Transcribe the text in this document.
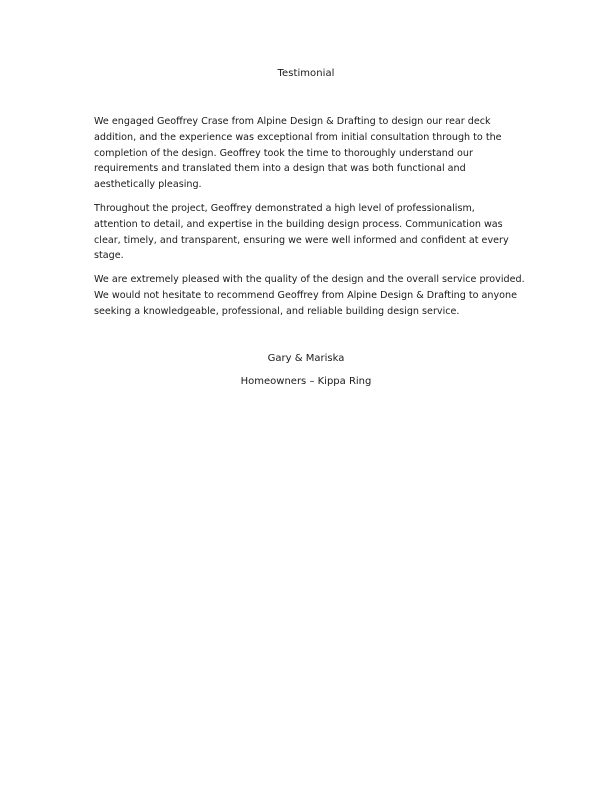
Testimonial

We engaged Geoffrey Crase from Alpine Design & Drafting to design our rear deck
addition, and the experience was exceptional from initial consultation through to the
completion of the design. Geoffrey took the time to thoroughly understand our
requirements and translated them into a design that was both functional and
aesthetically pleasing.

Throughout the project, Geoffrey demonstrated a high level of professionalism,
attention to detail, and expertise in the building design process. Communication was
clear, timely, and transparent, ensuring we were well informed and confident at every
stage.

We are extremely pleased with the quality of the design and the overall service provided.
We would not hesitate to recommend Geoffrey from Alpine Design & Drafting to anyone
seeking a knowledgeable, professional, and reliable building design service.

Gary & Mariska
Homeowners – Kippa Ring
